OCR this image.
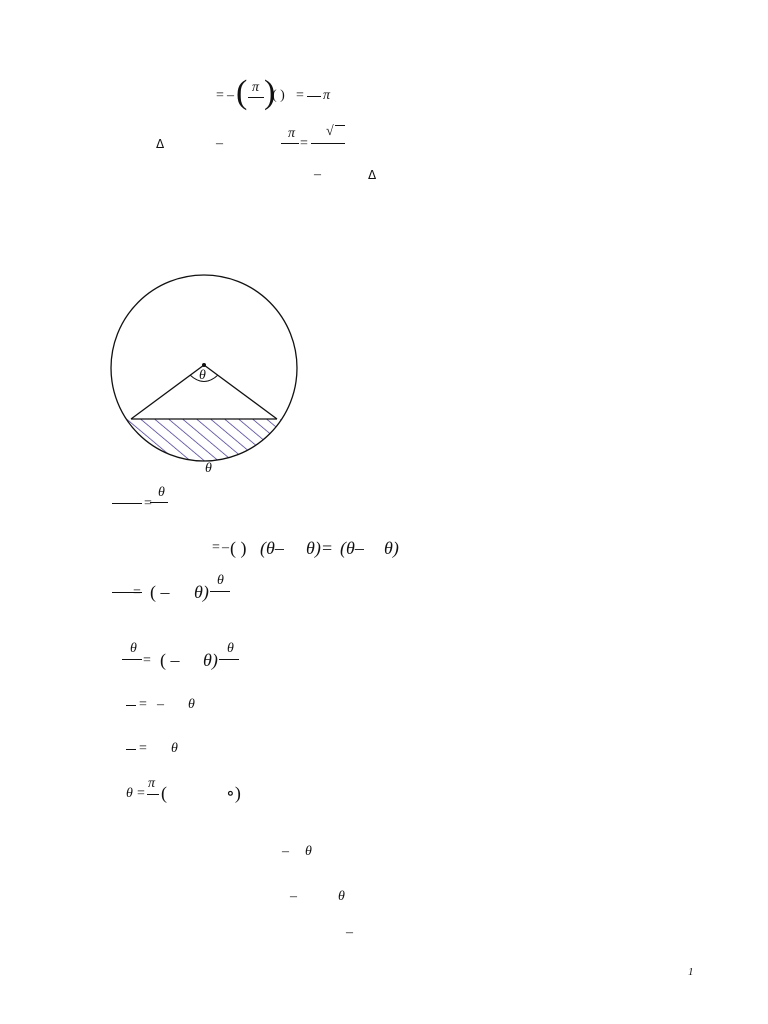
= – ( π )
( ) = π
Δ	–
π
=
√
–	Δ
θ
θ
=
θ
= – ( ) (θ– θ)= (θ– θ)
= ( – θ)
θ
θ
= ( – θ)
θ
= – θ
= θ
θ =
π (	∘)
– θ
–	θ
–
1
